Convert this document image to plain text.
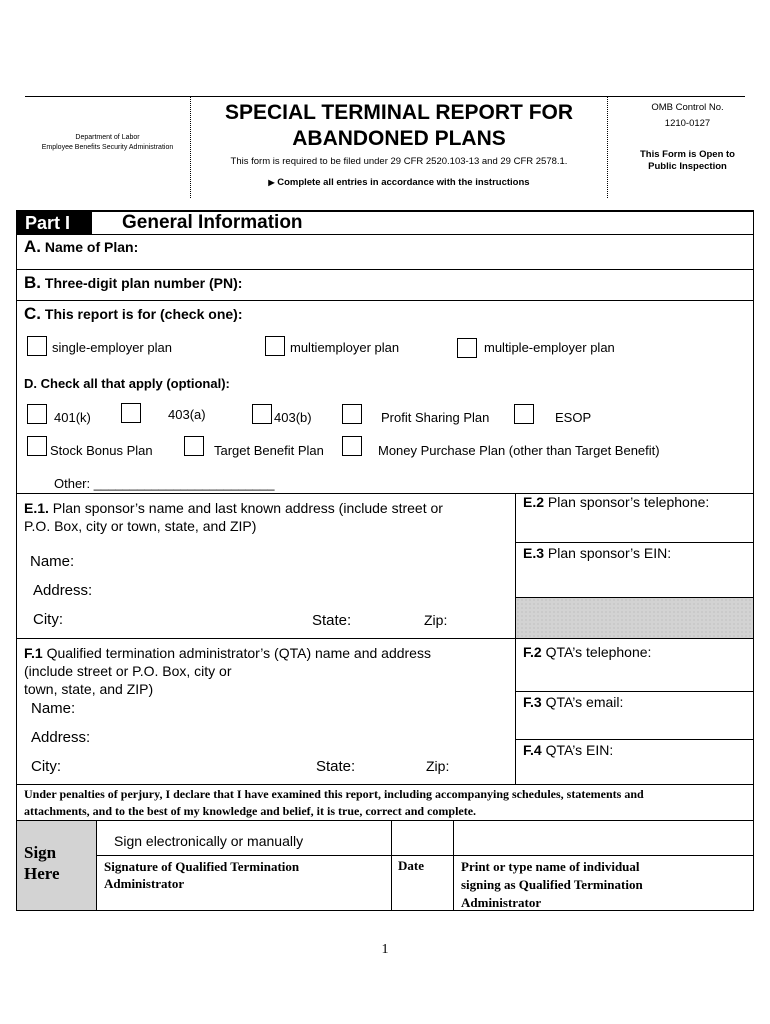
Department of Labor
Employee Benefits Security Administration
SPECIAL TERMINAL REPORT FOR
ABANDONED PLANS
This form is required to be filed under 29 CFR 2520.103-13 and 29 CFR 2578.1.
▶ Complete all entries in accordance with the instructions
OMB Control No.
1210-0127
This Form is Open to
Public Inspection
Part I	General Information
A. Name of Plan:
B. Three-digit plan number (PN):
C. This report is for (check one):
single-employer plan	multiemployer plan	multiple-employer plan
D. Check all that apply (optional):
401(k)	403(a)	403(b)	Profit Sharing Plan	ESOP
Stock Bonus Plan	Target Benefit Plan	Money Purchase Plan (other than Target Benefit)
Other: _________________________
E.1. Plan sponsor’s name and last known address (include street or
P.O. Box, city or town, state, and ZIP)
Name:
Address:
City:	State:	Zip:
E.2 Plan sponsor’s telephone:
E.3 Plan sponsor’s EIN:
F.1 Qualified termination administrator’s (QTA) name and address
(include street or P.O. Box, city or
town, state, and ZIP)
Name:
Address:
City:	State:	Zip:
F.2 QTA’s telephone:
F.3 QTA’s email:
F.4 QTA’s EIN:
Under penalties of perjury, I declare that I have examined this report, including accompanying schedules, statements and
attachments, and to the best of my knowledge and belief, it is true, correct and complete.
Sign
Here
Sign electronically or manually
Signature of Qualified Termination
Administrator
Date	Print or type name of individual
signing as Qualified Termination
Administrator
1
